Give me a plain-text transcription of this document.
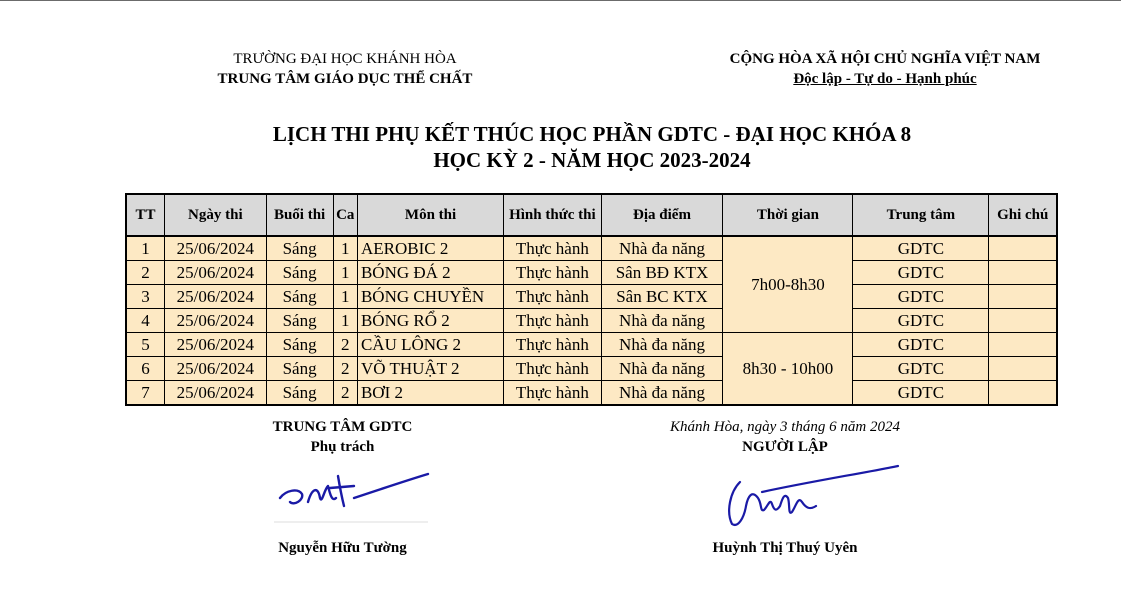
TRƯỜNG ĐẠI HỌC KHÁNH HÒA
TRUNG TÂM GIÁO DỤC THỂ CHẤT
CỘNG HÒA XÃ HỘI CHỦ NGHĨA VIỆT NAM
Độc lập - Tự do - Hạnh phúc
LỊCH THI PHỤ KẾT THÚC HỌC PHẦN GDTC - ĐẠI HỌC KHÓA 8
HỌC KỲ 2 - NĂM HỌC 2023-2024
TT	Ngày thi	Buổi thi	Ca	Môn thi	Hình thức thi	Địa điểm	Thời gian	Trung tâm	Ghi chú
1	25/06/2024	Sáng	1	AEROBIC 2	Thực hành	Nhà đa năng	7h00-8h30	GDTC	
2	25/06/2024	Sáng	1	BÓNG ĐÁ 2	Thực hành	Sân BĐ KTX		GDTC	
3	25/06/2024	Sáng	1	BÓNG CHUYỀN	Thực hành	Sân BC KTX		GDTC	
4	25/06/2024	Sáng	1	BÓNG RỔ 2	Thực hành	Nhà đa năng		GDTC	
5	25/06/2024	Sáng	2	CẦU LÔNG 2	Thực hành	Nhà đa năng	8h30 - 10h00	GDTC	
6	25/06/2024	Sáng	2	VÕ THUẬT 2	Thực hành	Nhà đa năng		GDTC	
7	25/06/2024	Sáng	2	BƠI 2	Thực hành	Nhà đa năng		GDTC	
TRUNG TÂM GDTC
Phụ trách
Nguyễn Hữu Tường
Khánh Hòa, ngày 3 tháng 6 năm 2024
NGƯỜI LẬP
Huỳnh Thị Thuý Uyên
